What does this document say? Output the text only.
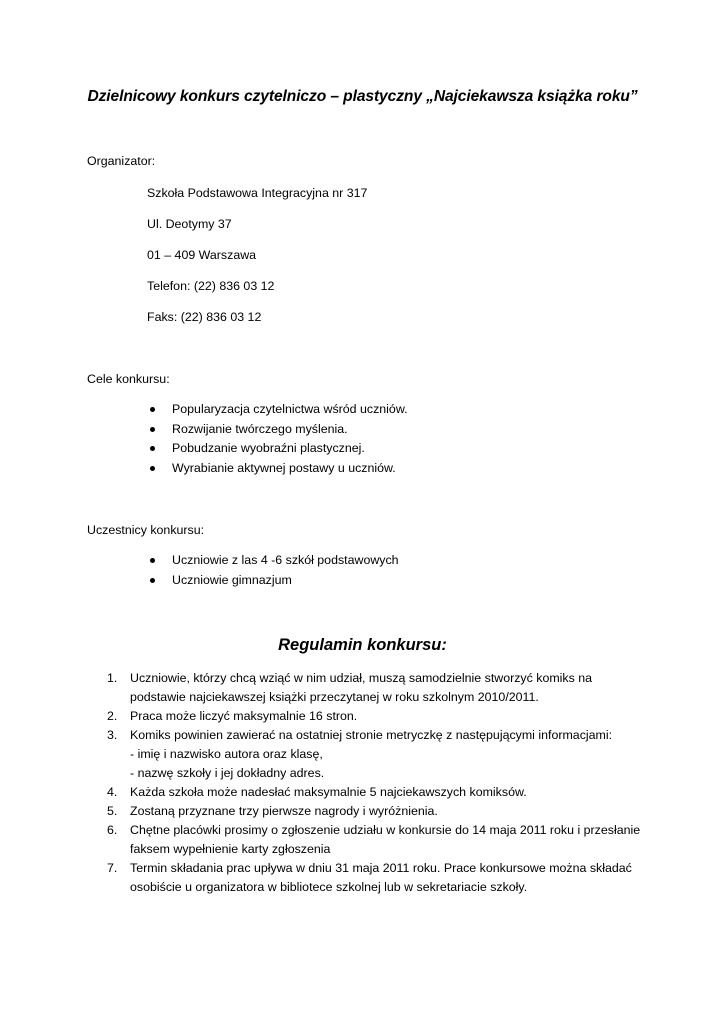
Dzielnicowy konkurs czytelniczo – plastyczny „Najciekawsza książka roku”
Organizator:
Szkoła Podstawowa Integracyjna nr 317
Ul. Deotymy 37
01 – 409 Warszawa
Telefon: (22) 836 03 12
Faks: (22) 836 03 12
Cele konkursu:
Popularyzacja czytelnictwa wśród uczniów.
Rozwijanie twórczego myślenia.
Pobudzanie wyobraźni plastycznej.
Wyrabianie aktywnej postawy u uczniów.
Uczestnicy konkursu:
Uczniowie z las 4 -6 szkół podstawowych
Uczniowie gimnazjum
Regulamin konkursu:
1. Uczniowie, którzy chcą wziąć w nim udział, muszą samodzielnie stworzyć komiks na
podstawie najciekawszej książki przeczytanej w roku szkolnym 2010/2011.
2. Praca może liczyć maksymalnie 16 stron.
3. Komiks powinien zawierać na ostatniej stronie metryczkę z następującymi informacjami:
- imię i nazwisko autora oraz klasę,
- nazwę szkoły i jej dokładny adres.
4. Każda szkoła może nadesłać maksymalnie 5 najciekawszych komiksów.
5. Zostaną przyznane trzy pierwsze nagrody i wyróżnienia.
6. Chętne placówki prosimy o zgłoszenie udziału w konkursie do 14 maja 2011 roku i przesłanie
faksem wypełnienie karty zgłoszenia
7. Termin składania prac upływa w dniu 31 maja 2011 roku. Prace konkursowe można składać
osobiście u organizatora w bibliotece szkolnej lub w sekretariacie szkoły.
